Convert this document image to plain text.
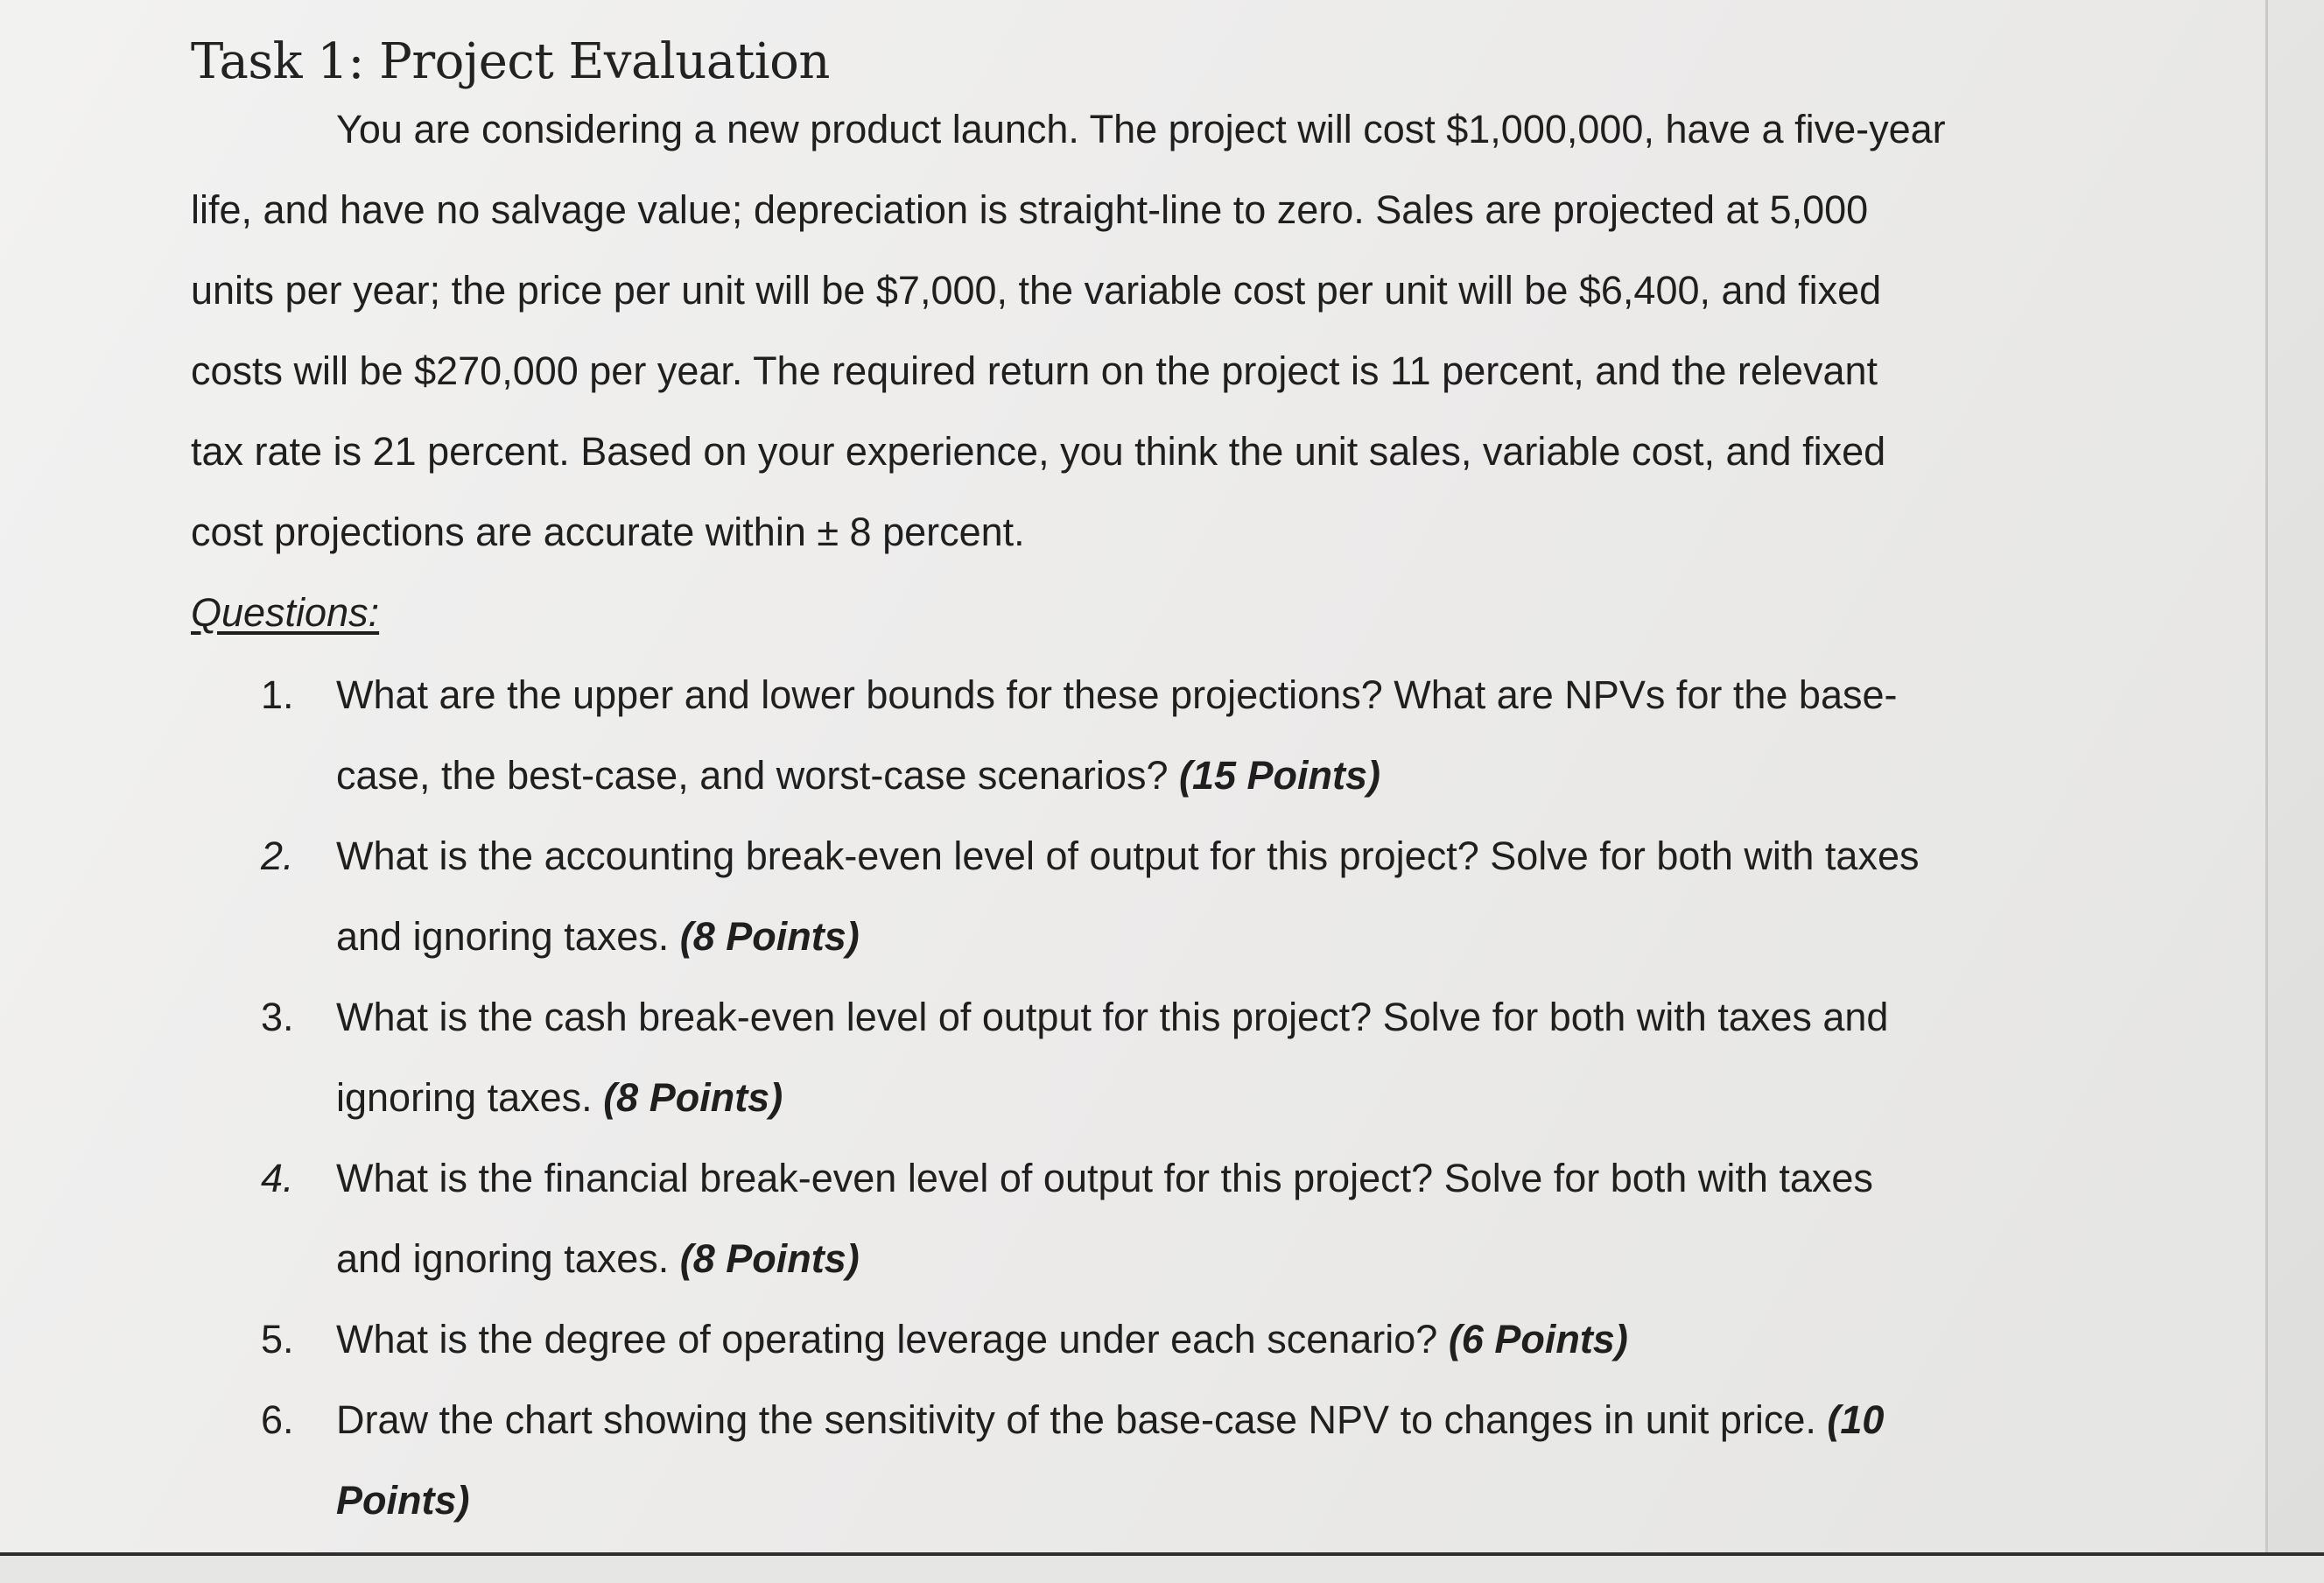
Task 1: Project Evaluation

You are considering a new product launch. The project will cost $1,000,000, have a five-year

life, and have no salvage value; depreciation is straight-line to zero. Sales are projected at 5,000

units per year; the price per unit will be $7,000, the variable cost per unit will be $6,400, and fixed

costs will be $270,000 per year. The required return on the project is 11 percent, and the relevant

tax rate is 21 percent. Based on your experience, you think the unit sales, variable cost, and fixed

cost projections are accurate within ± 8 percent.

Questions:

1. What are the upper and lower bounds for these projections? What are NPVs for the base-

case, the best-case, and worst-case scenarios? (15 Points)

2. What is the accounting break-even level of output for this project? Solve for both with taxes

and ignoring taxes. (8 Points)

3. What is the cash break-even level of output for this project? Solve for both with taxes and

ignoring taxes. (8 Points)

4. What is the financial break-even level of output for this project? Solve for both with taxes

and ignoring taxes. (8 Points)

5. What is the degree of operating leverage under each scenario? (6 Points)

6. Draw the chart showing the sensitivity of the base-case NPV to changes in unit price. (10

Points)
